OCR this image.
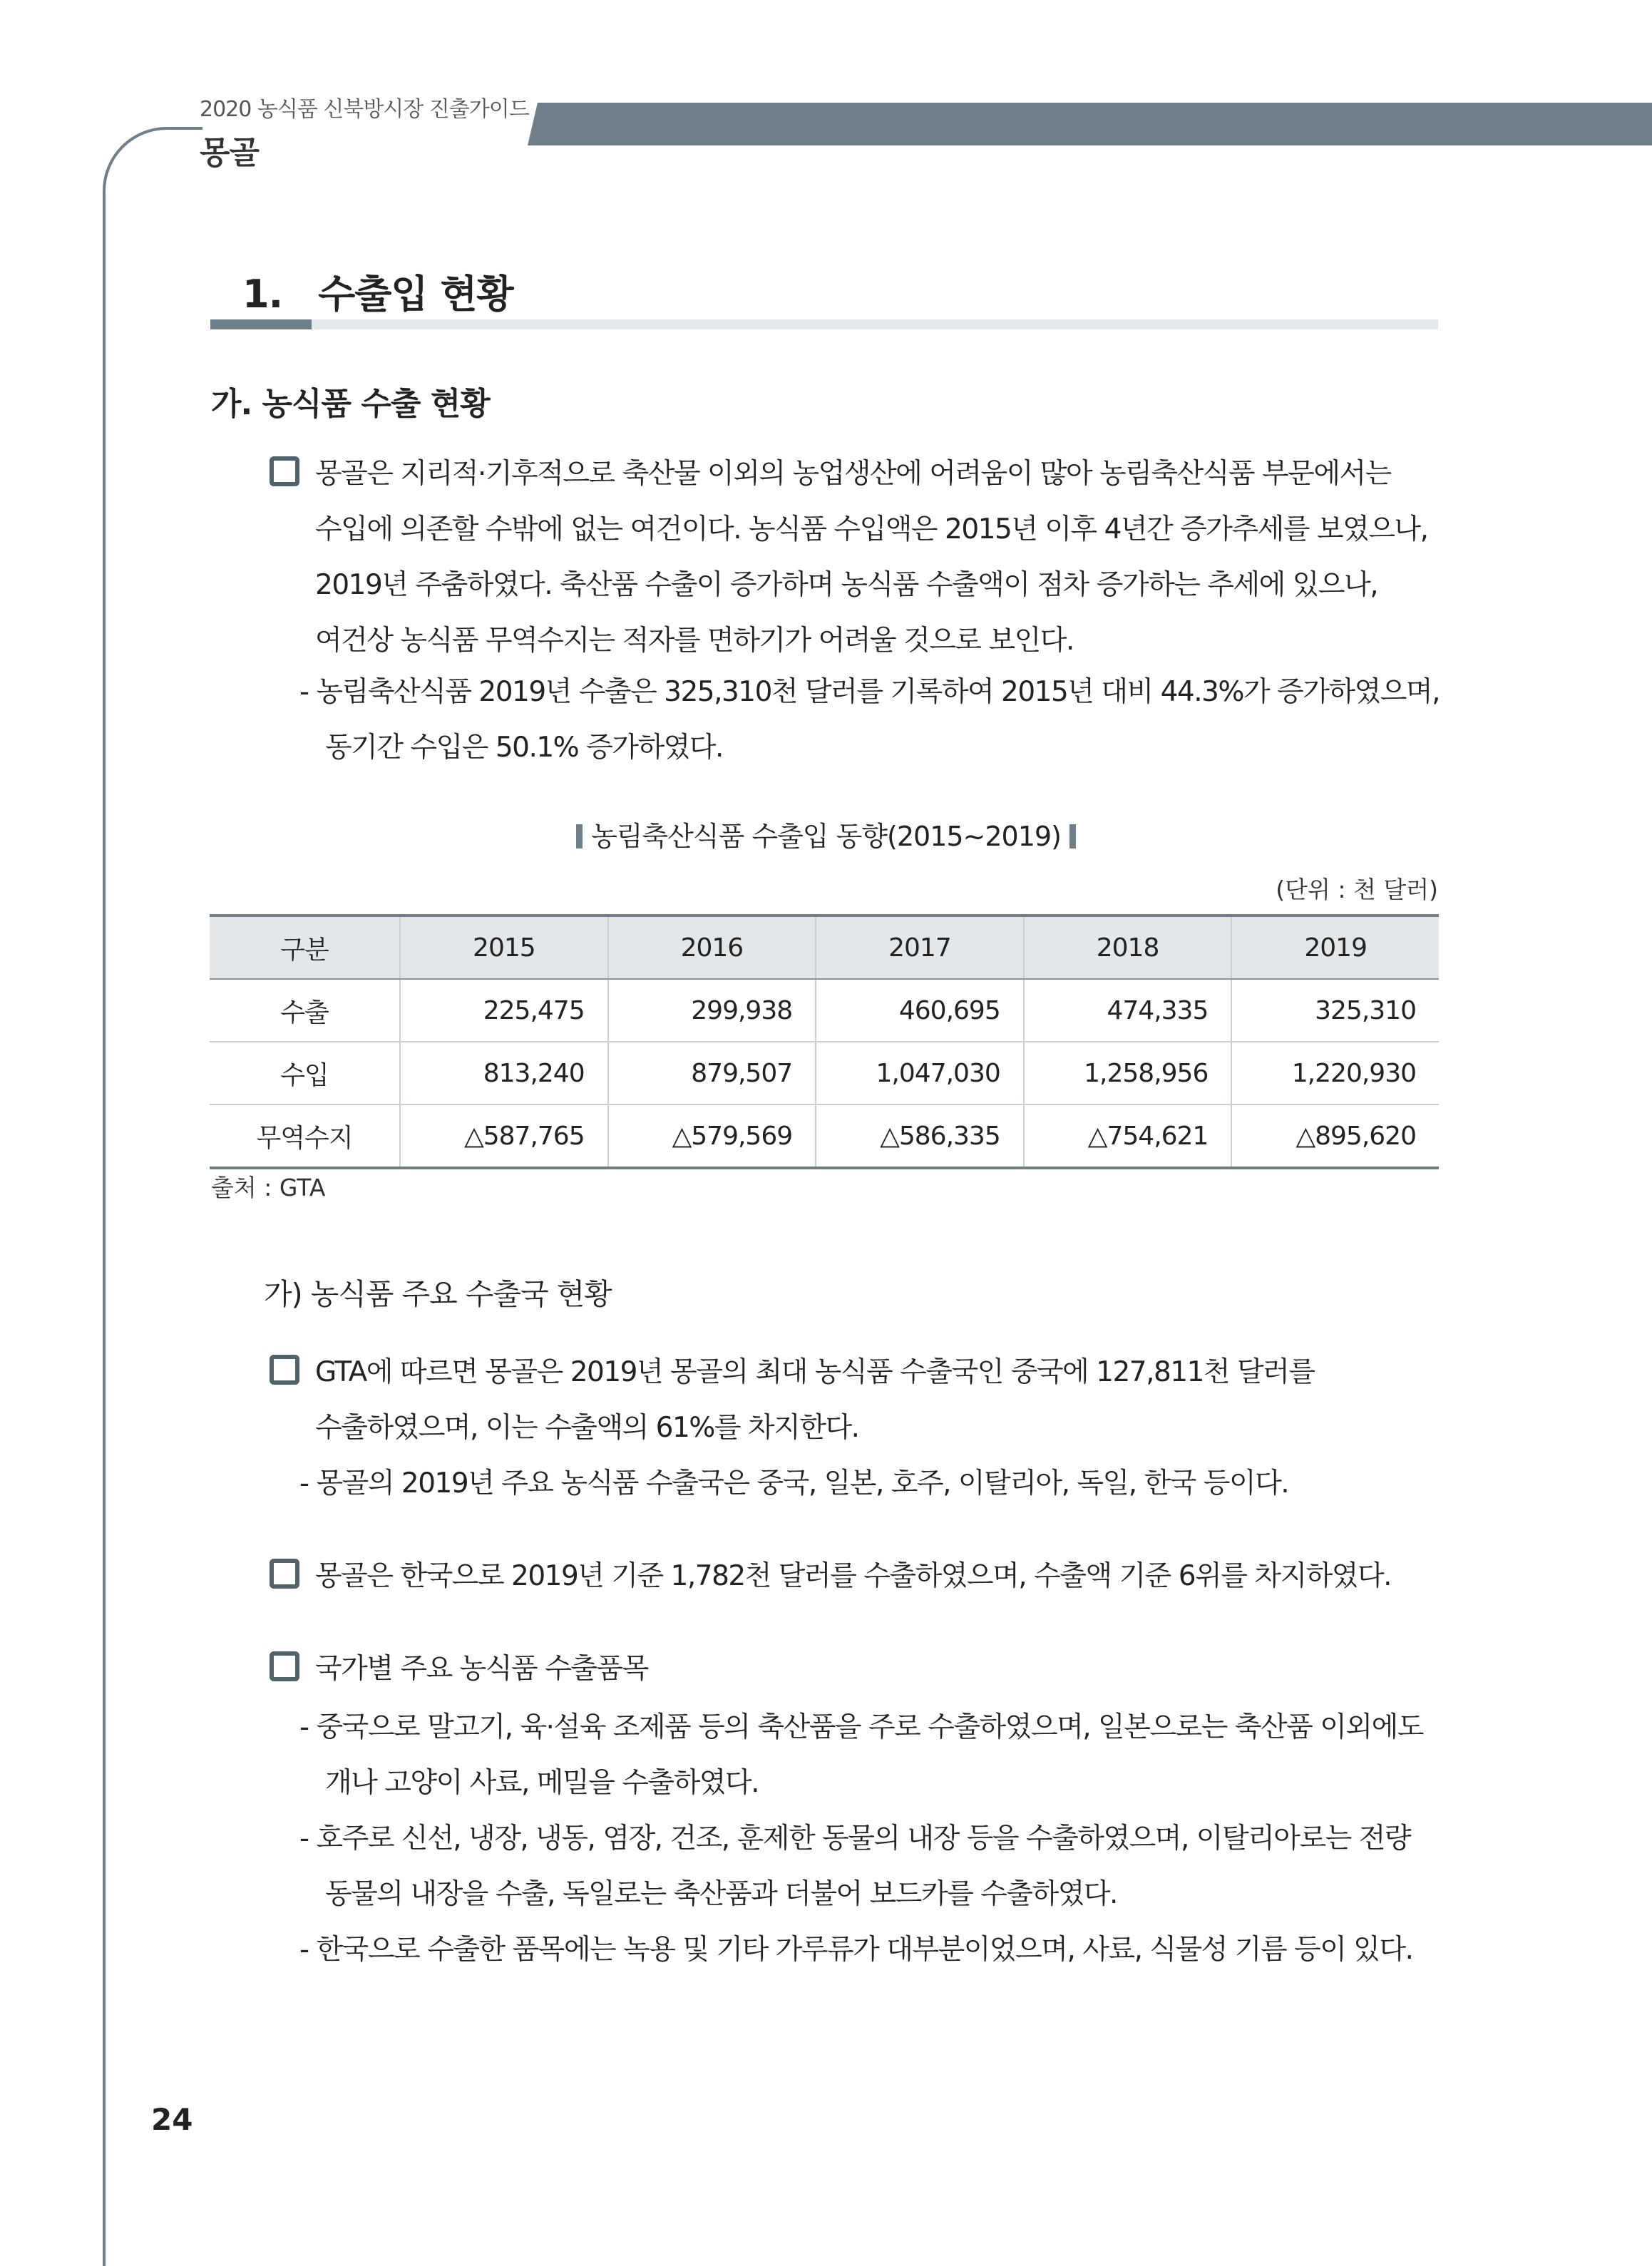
2020 농식품 신북방시장 진출가이드
몽골
1. 수출입 현황
가. 농식품 수출 현황
몽골은 지리적·기후적으로 축산물 이외의 농업생산에 어려움이 많아 농림축산식품 부문에서는
수입에 의존할 수밖에 없는 여건이다. 농식품 수입액은 2015년 이후 4년간 증가추세를 보였으나,
2019년 주춤하였다. 축산품 수출이 증가하며 농식품 수출액이 점차 증가하는 추세에 있으나,
여건상 농식품 무역수지는 적자를 면하기가 어려울 것으로 보인다.
- 농림축산식품 2019년 수출은 325,310천 달러를 기록하여 2015년 대비 44.3%가 증가하였으며,
동기간 수입은 50.1% 증가하였다.
농림축산식품 수출입 동향(2015~2019)
(단위 : 천 달러)
구분	2015	2016	2017	2018	2019
수출	225,475	299,938	460,695	474,335	325,310
수입	813,240	879,507	1,047,030	1,258,956	1,220,930
무역수지	△587,765	△579,569	△586,335	△754,621	△895,620
출처 : GTA
가) 농식품 주요 수출국 현황
GTA에 따르면 몽골은 2019년 몽골의 최대 농식품 수출국인 중국에 127,811천 달러를
수출하였으며, 이는 수출액의 61%를 차지한다.
- 몽골의 2019년 주요 농식품 수출국은 중국, 일본, 호주, 이탈리아, 독일, 한국 등이다.
몽골은 한국으로 2019년 기준 1,782천 달러를 수출하였으며, 수출액 기준 6위를 차지하였다.
국가별 주요 농식품 수출품목
- 중국으로 말고기, 육·설육 조제품 등의 축산품을 주로 수출하였으며, 일본으로는 축산품 이외에도
개나 고양이 사료, 메밀을 수출하였다.
- 호주로 신선, 냉장, 냉동, 염장, 건조, 훈제한 동물의 내장 등을 수출하였으며, 이탈리아로는 전량
동물의 내장을 수출, 독일로는 축산품과 더불어 보드카를 수출하였다.
- 한국으로 수출한 품목에는 녹용 및 기타 가루류가 대부분이었으며, 사료, 식물성 기름 등이 있다.
24
